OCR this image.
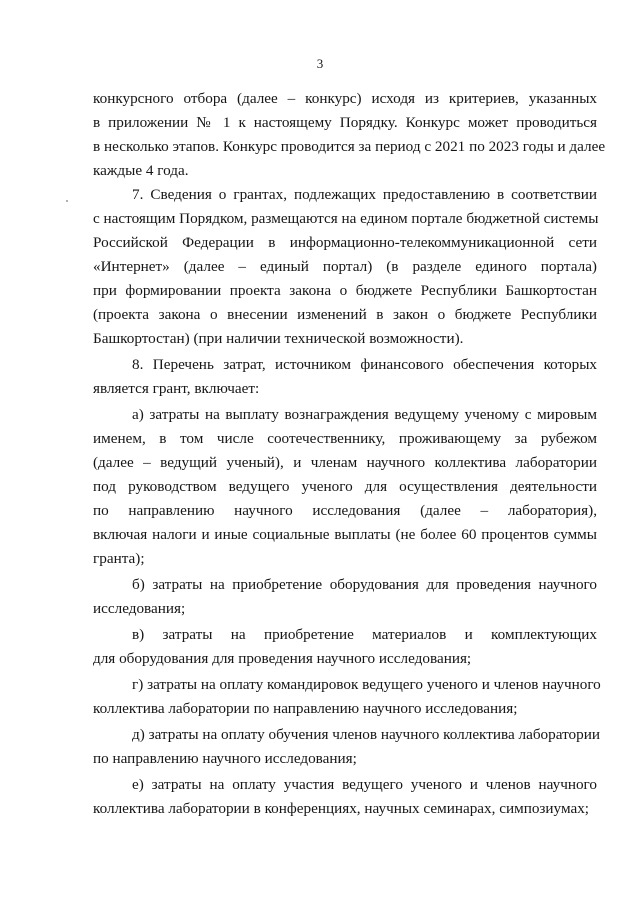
3
конкурсного отбора (далее – конкурс) исходя из критериев, указанных
в приложении № 1 к настоящему Порядку. Конкурс может проводиться
в несколько этапов. Конкурс проводится за период с 2021 по 2023 годы и далее
каждые 4 года.
7. Сведения о грантах, подлежащих предоставлению в соответствии
с настоящим Порядком, размещаются на едином портале бюджетной системы
Российской Федерации в информационно-телекоммуникационной сети
«Интернет» (далее – единый портал) (в разделе единого портала)
при формировании проекта закона о бюджете Республики Башкортостан
(проекта закона о внесении изменений в закон о бюджете Республики
Башкортостан) (при наличии технической возможности).
8. Перечень затрат, источником финансового обеспечения которых
является грант, включает:
а) затраты на выплату вознаграждения ведущему ученому с мировым
именем, в том числе соотечественнику, проживающему за рубежом
(далее – ведущий ученый), и членам научного коллектива лаборатории
под руководством ведущего ученого для осуществления деятельности
по направлению научного исследования (далее – лаборатория),
включая налоги и иные социальные выплаты (не более 60 процентов суммы
гранта);
б) затраты на приобретение оборудования для проведения научного
исследования;
в) затраты на приобретение материалов и комплектующих
для оборудования для проведения научного исследования;
г) затраты на оплату командировок ведущего ученого и членов научного
коллектива лаборатории по направлению научного исследования;
д) затраты на оплату обучения членов научного коллектива лаборатории
по направлению научного исследования;
е) затраты на оплату участия ведущего ученого и членов научного
коллектива лаборатории в конференциях, научных семинарах, симпозиумах;
